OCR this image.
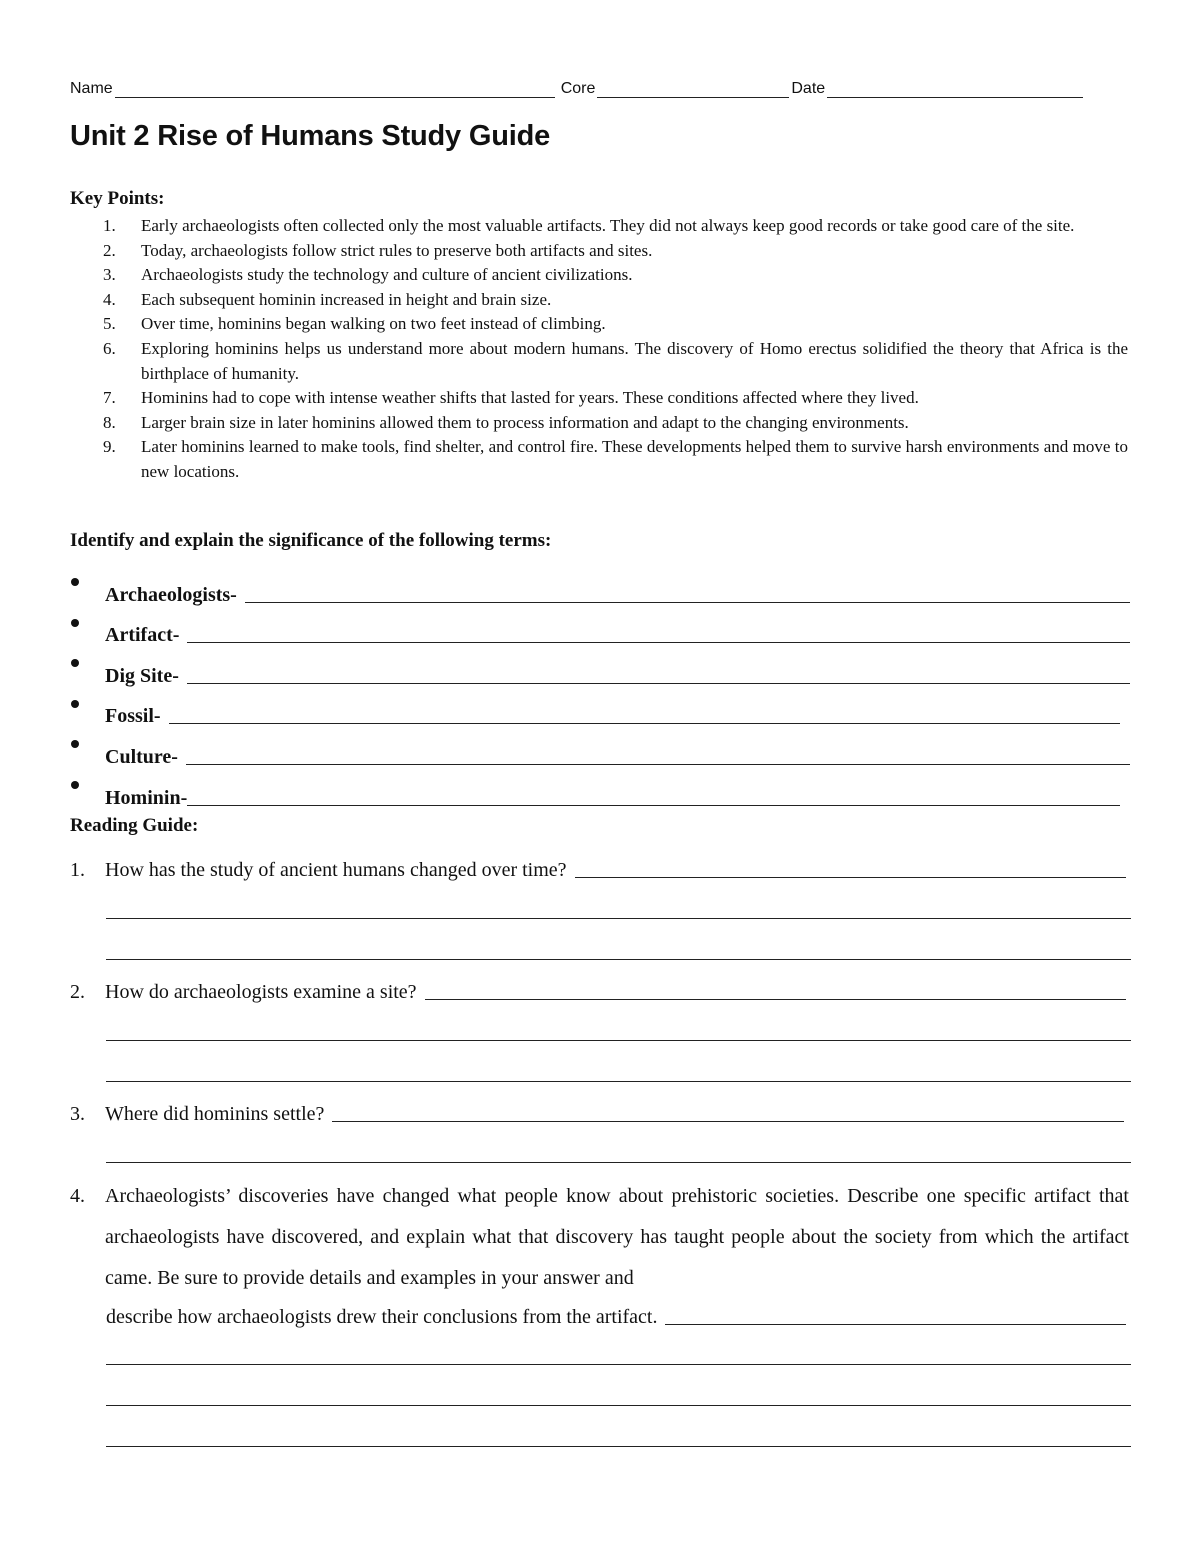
Name	Core	Date
Unit 2 Rise of Humans Study Guide
Key Points:
1. Early archaeologists often collected only the most valuable artifacts. They did not always keep good records or take good care of the site.
2. Today, archaeologists follow strict rules to preserve both artifacts and sites.
3. Archaeologists study the technology and culture of ancient civilizations.
4. Each subsequent hominin increased in height and brain size.
5. Over time, hominins began walking on two feet instead of climbing.
6. Exploring hominins helps us understand more about modern humans. The discovery of Homo erectus solidified the theory that Africa is the birthplace of humanity.
7. Hominins had to cope with intense weather shifts that lasted for years. These conditions affected where they lived.
8. Larger brain size in later hominins allowed them to process information and adapt to the changing environments.
9. Later hominins learned to make tools, find shelter, and control fire. These developments helped them to survive harsh environments and move to new locations.
Identify and explain the significance of the following terms:
Archaeologists-
Artifact-
Dig Site-
Fossil-
Culture-
Hominin-
Reading Guide:
1.	How has the study of ancient humans changed over time?
2.	How do archaeologists examine a site?
3.	Where did hominins settle?
4.	Archaeologists’ discoveries have changed what people know about prehistoric societies. Describe one specific artifact that archaeologists have discovered, and explain what that discovery has taught people about the society from which the artifact came. Be sure to provide details and examples in your answer and
describe how archaeologists drew their conclusions from the artifact.
